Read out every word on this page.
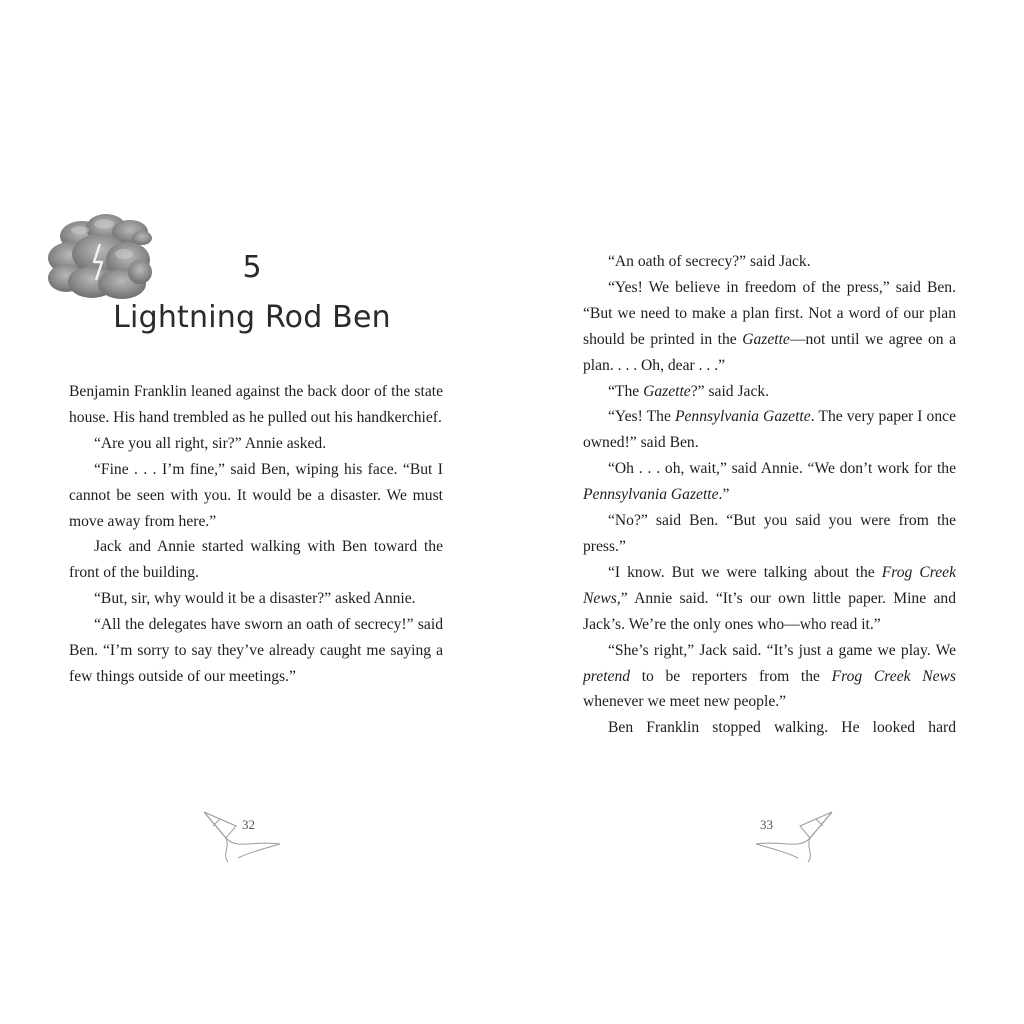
5
Lightning Rod Ben

Benjamin Franklin leaned against the back door of the state house. His hand trembled as he pulled out his handkerchief.

“Are you all right, sir?” Annie asked.

“Fine . . . I’m fine,” said Ben, wiping his face. “But I cannot be seen with you. It would be a disaster. We must move away from here.”

Jack and Annie started walking with Ben toward the front of the building.

“But, sir, why would it be a disaster?” asked Annie.

“All the delegates have sworn an oath of secrecy!” said Ben. “I’m sorry to say they’ve already caught me saying a few things outside of our meetings.”

32

“An oath of secrecy?” said Jack.

“Yes! We believe in freedom of the press,” said Ben. “But we need to make a plan first. Not a word of our plan should be printed in the Gazette—not until we agree on a plan. . . . Oh, dear . . .”

“The Gazette?” said Jack.

“Yes! The Pennsylvania Gazette. The very paper I once owned!” said Ben.

“Oh . . . oh, wait,” said Annie. “We don’t work for the Pennsylvania Gazette.”

“No?” said Ben. “But you said you were from the press.”

“I know. But we were talking about the Frog Creek News,” Annie said. “It’s our own little paper. Mine and Jack’s. We’re the only ones who—who read it.”

“She’s right,” Jack said. “It’s just a game we play. We pretend to be reporters from the Frog Creek News whenever we meet new people.”

Ben Franklin stopped walking. He looked hard

33
